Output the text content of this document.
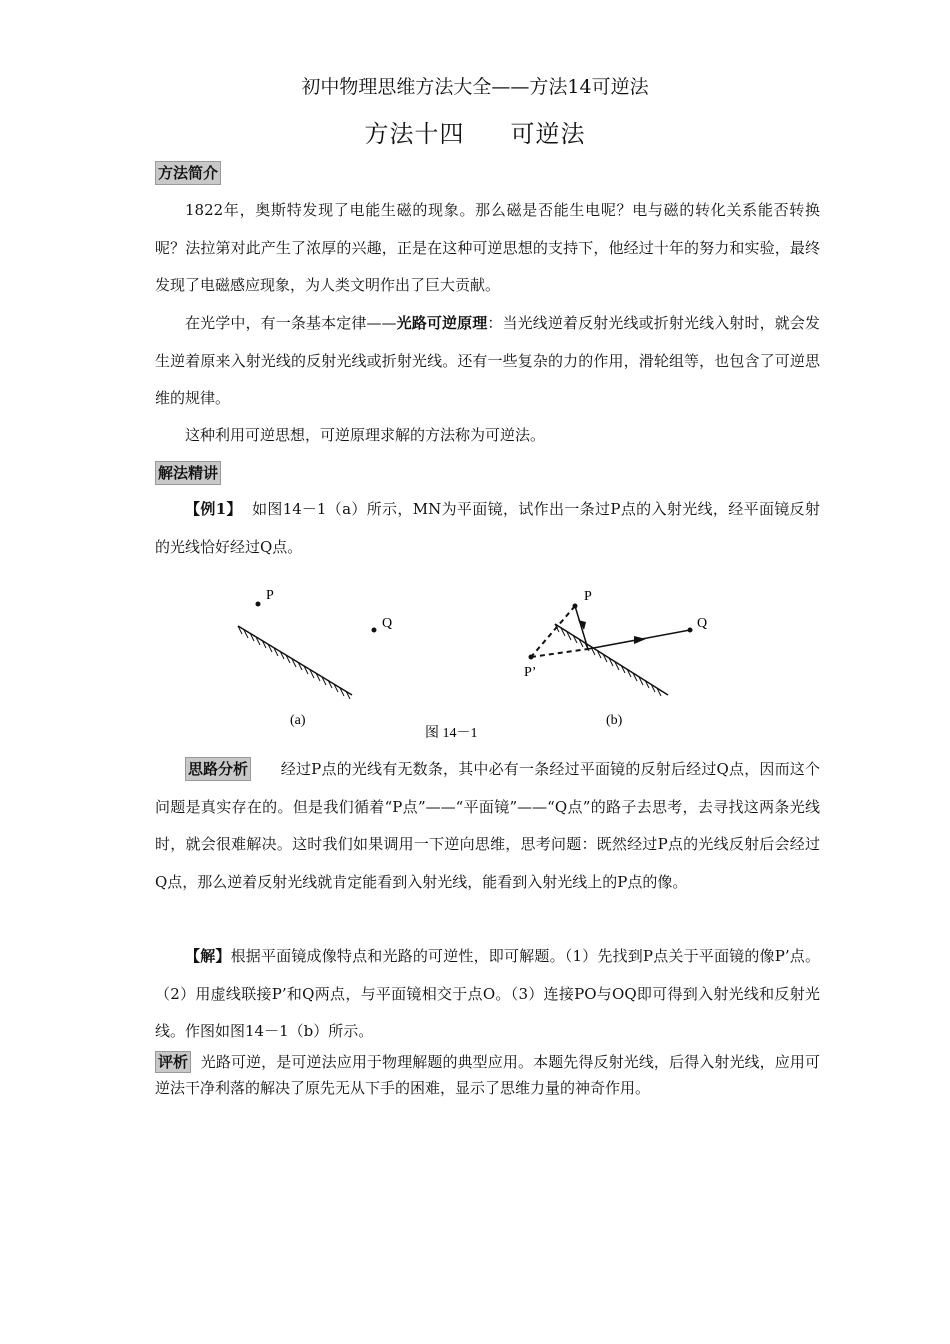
初中物理思维方法大全——方法14可逆法
方法十四 可逆法
方法简介
1822年，奥斯特发现了电能生磁的现象。那么磁是否能生电呢？电与磁的转化关系能否转换呢？法拉第对此产生了浓厚的兴趣，正是在这种可逆思想的支持下，他经过十年的努力和实验，最终发现了电磁感应现象，为人类文明作出了巨大贡献。
在光学中，有一条基本定律——光路可逆原理：当光线逆着反射光线或折射光线入射时，就会发生逆着原来入射光线的反射光线或折射光线。还有一些复杂的力的作用，滑轮组等，也包含了可逆思维的规律。
这种利用可逆思想，可逆原理求解的方法称为可逆法。
解法精讲
【例1】 如图14－1（a）所示，MN为平面镜，试作出一条过P点的入射光线，经平面镜反射的光线恰好经过Q点。
P
Q
(a)
P
Q
P’
(b)
图 14－1
思路分析 经过P点的光线有无数条，其中必有一条经过平面镜的反射后经过Q点，因而这个问题是真实存在的。但是我们循着“P点”——“平面镜”——“Q点”的路子去思考，去寻找这两条光线时，就会很难解决。这时我们如果调用一下逆向思维，思考问题：既然经过P点的光线反射后会经过Q点，那么逆着反射光线就肯定能看到入射光线，能看到入射光线上的P点的像。
【解】根据平面镜成像特点和光路的可逆性，即可解题。（1）先找到P点关于平面镜的像P’点。（2）用虚线联接P’和Q两点，与平面镜相交于点O。（3）连接PO与OQ即可得到入射光线和反射光线。作图如图14－1（b）所示。
评析 光路可逆，是可逆法应用于物理解题的典型应用。本题先得反射光线，后得入射光线，应用可逆法干净利落的解决了原先无从下手的困难，显示了思维力量的神奇作用。
